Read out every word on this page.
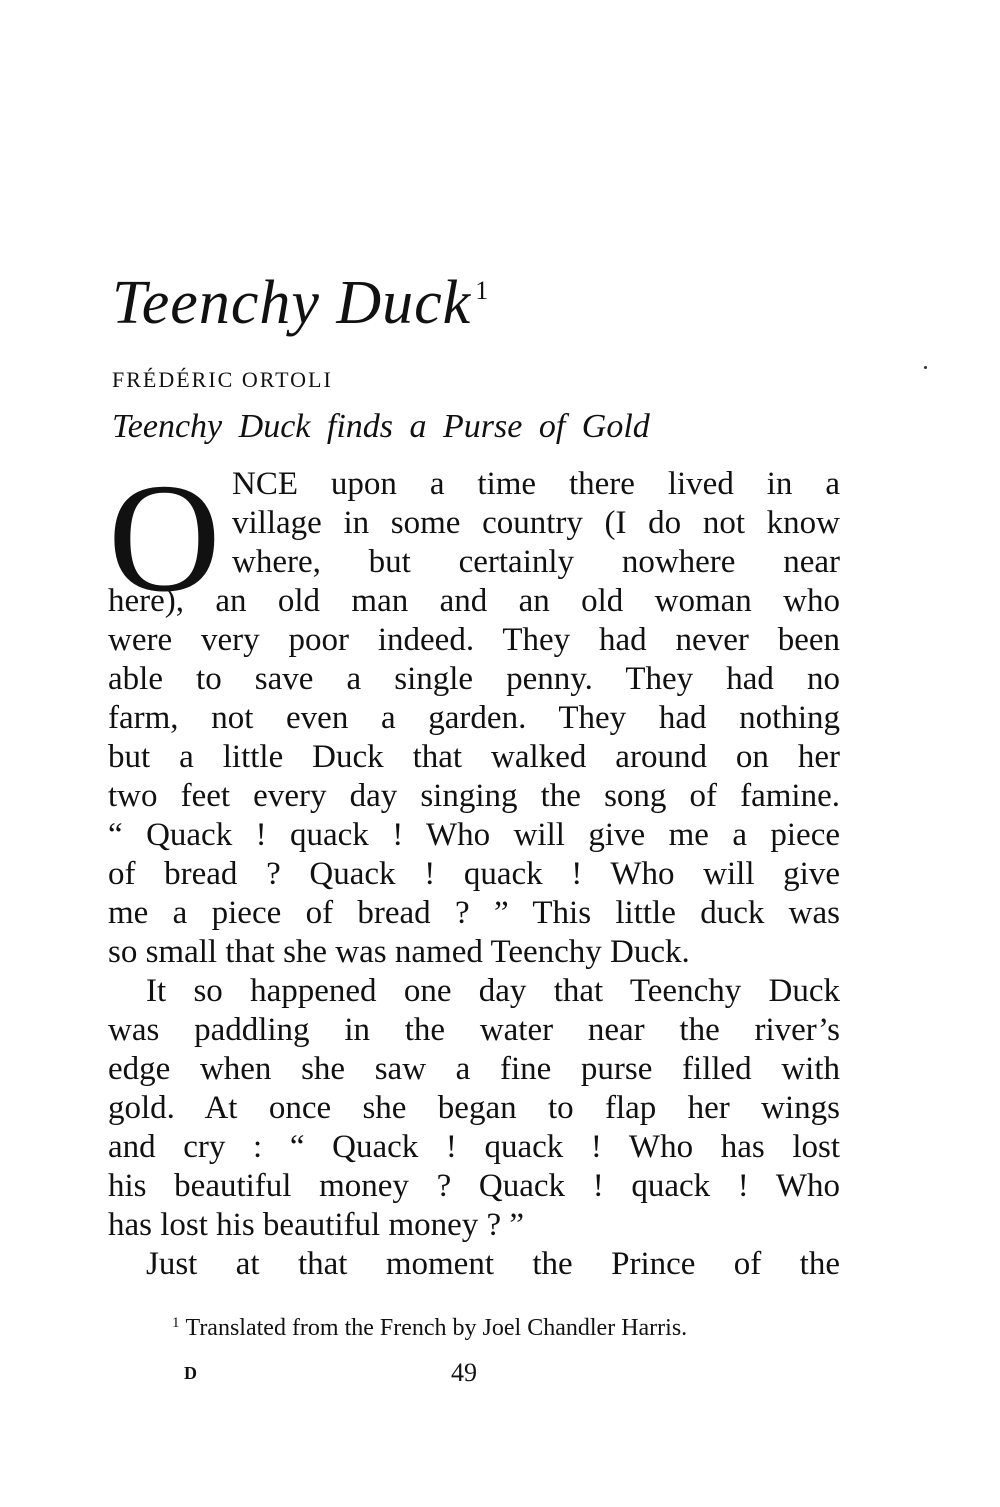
Teenchy Duck $^1$
FRÉDÉRIC ORTOLI
Teenchy Duck finds a Purse of Gold
O NCE upon a time there lived in a
village in some country (I do not know
where, but certainly nowhere near
here), an old man and an old woman who
were very poor indeed. They had never been
able to save a single penny. They had no
farm, not even a garden. They had nothing
but a little Duck that walked around on her
two feet every day singing the song of famine.
“ Quack ! quack ! Who will give me a piece
of bread ? Quack ! quack ! Who will give
me a piece of bread ? ” This little duck was
so small that she was named Teenchy Duck.
It so happened one day that Teenchy Duck
was paddling in the water near the river’s
edge when she saw a fine purse filled with
gold. At once she began to flap her wings
and cry : “ Quack ! quack ! Who has lost
his beautiful money ? Quack ! quack ! Who
has lost his beautiful money ? ”
Just at that moment the Prince of the
$^1$ Translated from the French by Joel Chandler Harris.
D	49
